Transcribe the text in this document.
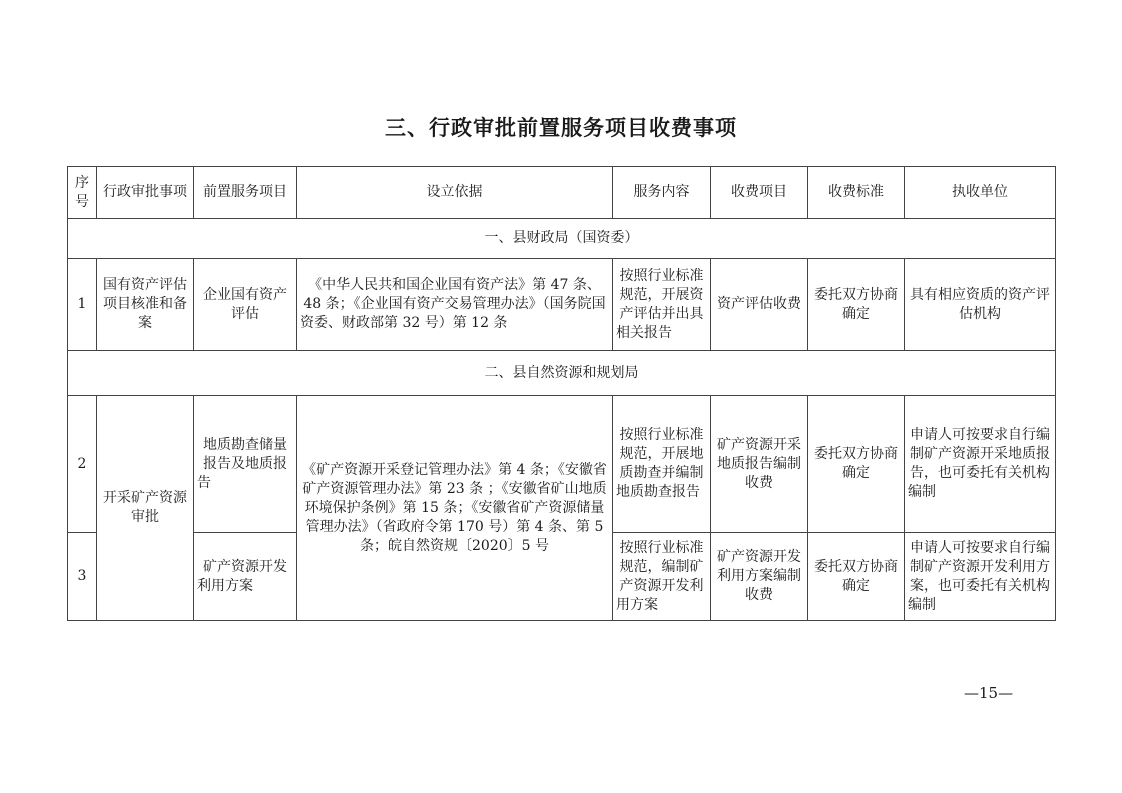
三、行政审批前置服务项目收费事项
序号	行政审批事项	前置服务项目	设立依据	服务内容	收费项目	收费标准	执收单位
一、县财政局（国资委）							
1	国有资产评估项目核准和备案	企业国有资产评估	《中华人民共和国企业国有资产法》第 47 条、48 条；《企业国有资产交易管理办法》（国务院国资委、财政部第 32 号）第 12 条	按照行业标准规范，开展资产评估并出具相关报告	资产评估收费	委托双方协商确定	具有相应资质的资产评估机构
二、县自然资源和规划局							
2	开采矿产资源审批	地质勘查储量报告及地质报告	《矿产资源开采登记管理办法》第 4 条；《安徽省矿产资源管理办法》第 23 条 ；《安徽省矿山地质环境保护条例》第 15 条；《安徽省矿产资源储量管理办法》（省政府令第 170 号）第 4 条、第 5 条；皖自然资规〔2020〕5 号	按照行业标准规范，开展地质勘查并编制地质勘查报告	矿产资源开采地质报告编制收费	委托双方协商确定	申请人可按要求自行编制矿产资源开采地质报告，也可委托有关机构编制
3		矿产资源开发利用方案		按照行业标准规范，编制矿产资源开发利用方案	矿产资源开发利用方案编制收费	委托双方协商确定	申请人可按要求自行编制矿产资源开发利用方案，也可委托有关机构编制
—15—
